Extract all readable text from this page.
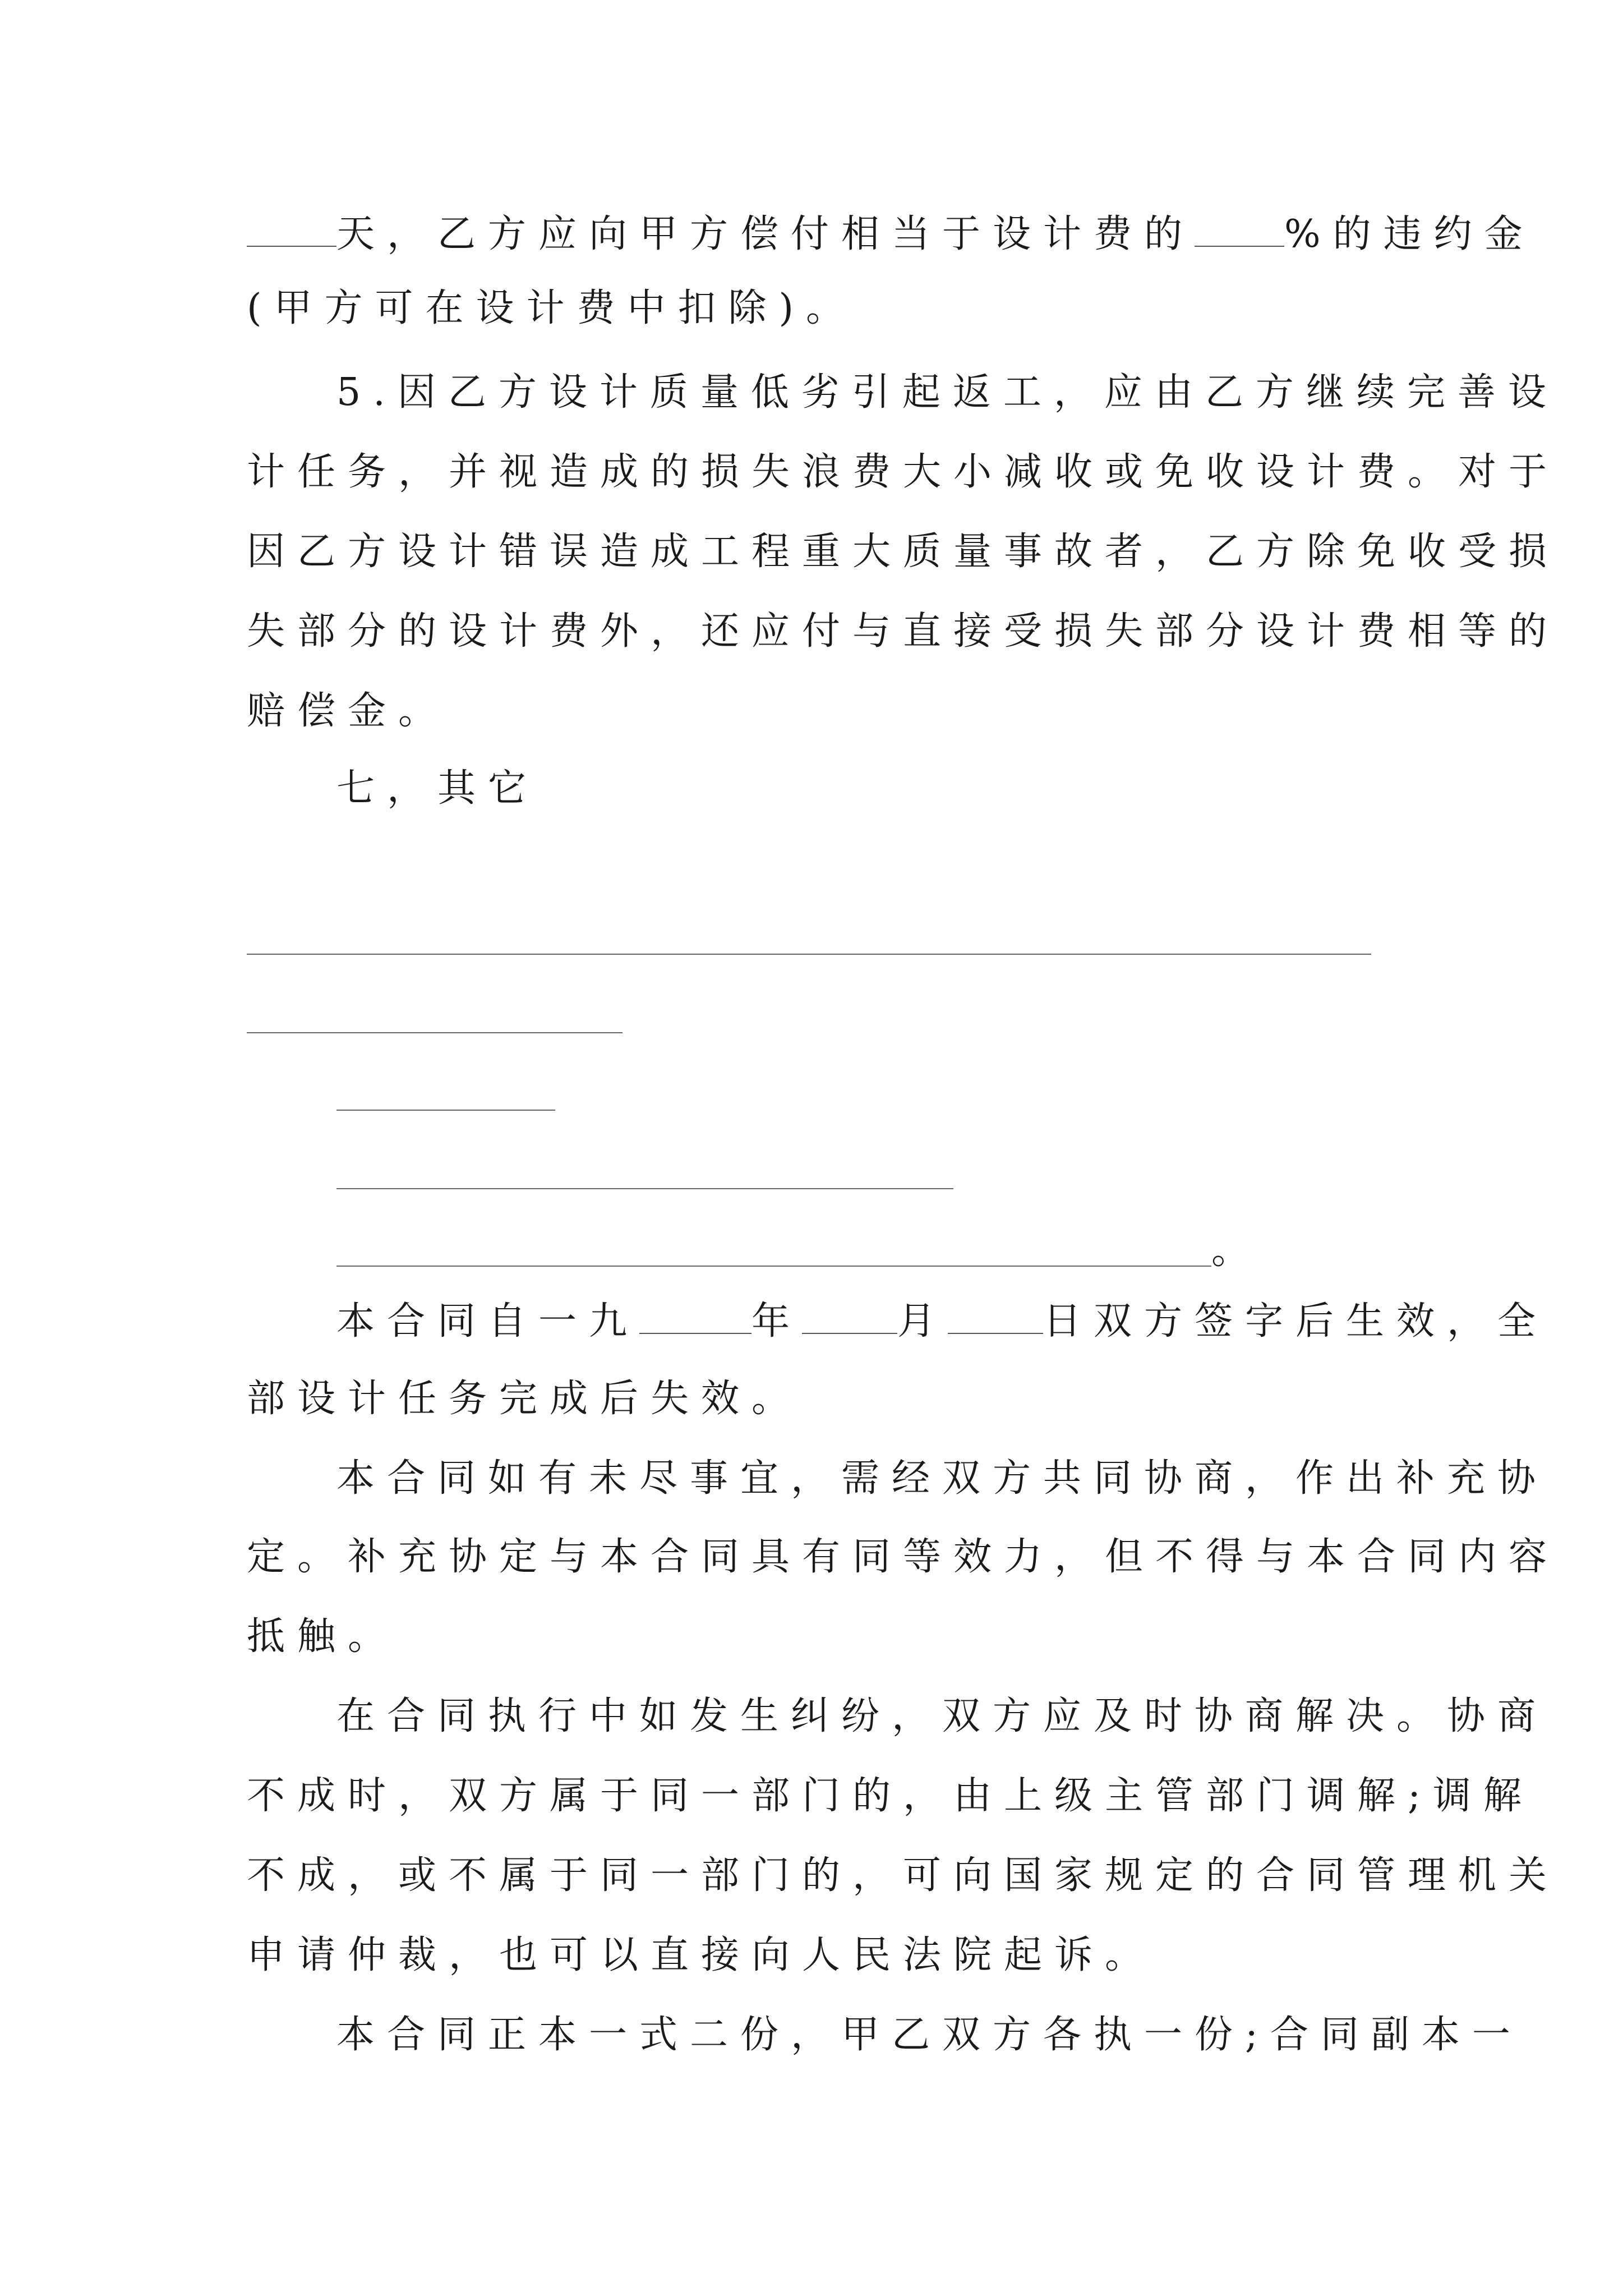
天，乙方应向甲方偿付相当于设计费的 %的违约金
(甲方可在设计费中扣除)。
5.因乙方设计质量低劣引起返工，应由乙方继续完善设
计任务，并视造成的损失浪费大小减收或免收设计费。对于
因乙方设计错误造成工程重大质量事故者，乙方除免收受损
失部分的设计费外，还应付与直接受损失部分设计费相等的
赔偿金。
七，其它
。
本合同自一九	年	月	日双方签字后生效，全
部设计任务完成后失效。
本合同如有未尽事宜，需经双方共同协商，作出补充协
定。补充协定与本合同具有同等效力，但不得与本合同内容
抵触。
在合同执行中如发生纠纷，双方应及时协商解决。协商
不成时，双方属于同一部门的，由上级主管部门调解;调解
不成，或不属于同一部门的，可向国家规定的合同管理机关
申请仲裁，也可以直接向人民法院起诉。
本合同正本一式二份，甲乙双方各执一份;合同副本一
